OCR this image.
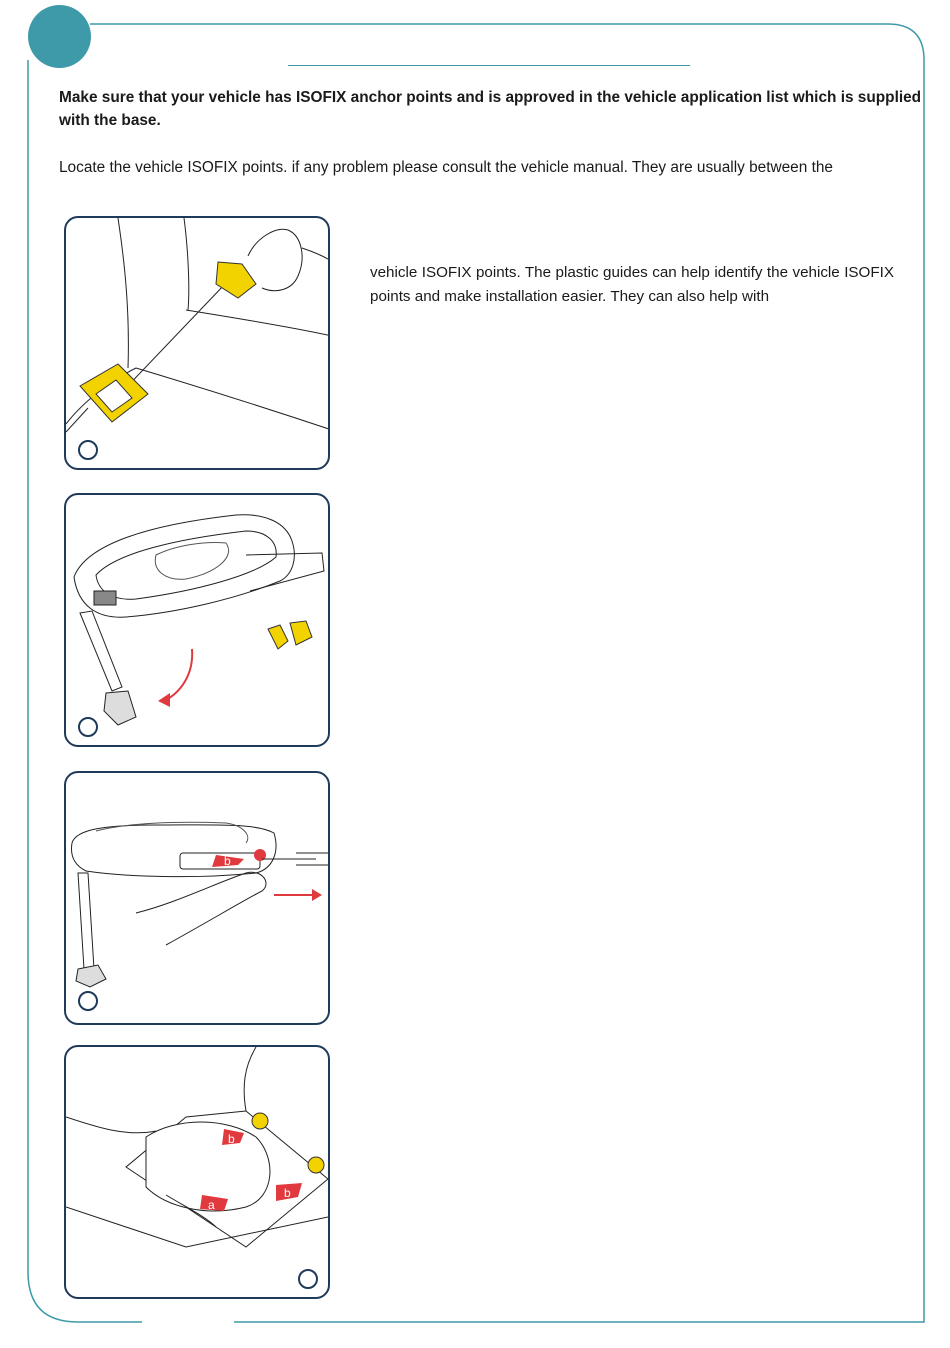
Make sure that your vehicle has ISOFIX anchor points and is approved in the vehicle application list which is supplied with the base.
Locate the vehicle ISOFIX points. if any problem please consult the vehicle manual. They are usually between the
vehicle ISOFIX points. The plastic guides can help identify the vehicle ISOFIX points and make installation easier. They can also help with
b
b
a
b
